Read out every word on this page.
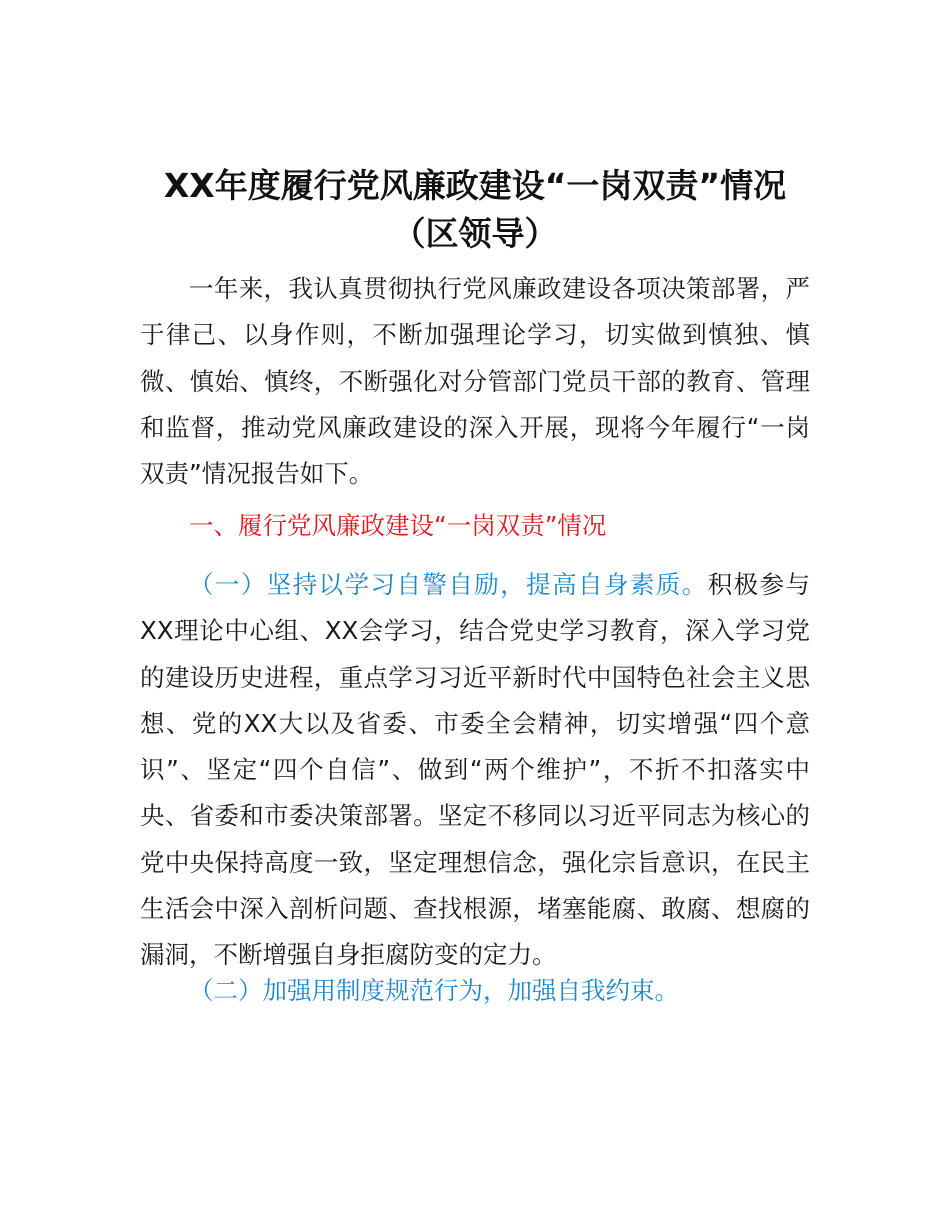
XX年度履行党风廉政建设“一岗双责”情况（区领导）

一年来，我认真贯彻执行党风廉政建设各项决策部署，严于律己、以身作则，不断加强理论学习，切实做到慎独、慎微、慎始、慎终，不断强化对分管部门党员干部的教育、管理和监督，推动党风廉政建设的深入开展，现将今年履行“一岗双责”情况报告如下。

一、履行党风廉政建设“一岗双责”情况

（一）坚持以学习自警自励，提高自身素质。积极参与XX理论中心组、XX会学习，结合党史学习教育，深入学习党的建设历史进程，重点学习习近平新时代中国特色社会主义思想、党的XX大以及省委、市委全会精神，切实增强“四个意识”、坚定“四个自信”、做到“两个维护”，不折不扣落实中央、省委和市委决策部署。坚定不移同以习近平同志为核心的党中央保持高度一致，坚定理想信念，强化宗旨意识，在民主生活会中深入剖析问题、查找根源，堵塞能腐、敢腐、想腐的漏洞，不断增强自身拒腐防变的定力。

（二）加强用制度规范行为，加强自我约束。
